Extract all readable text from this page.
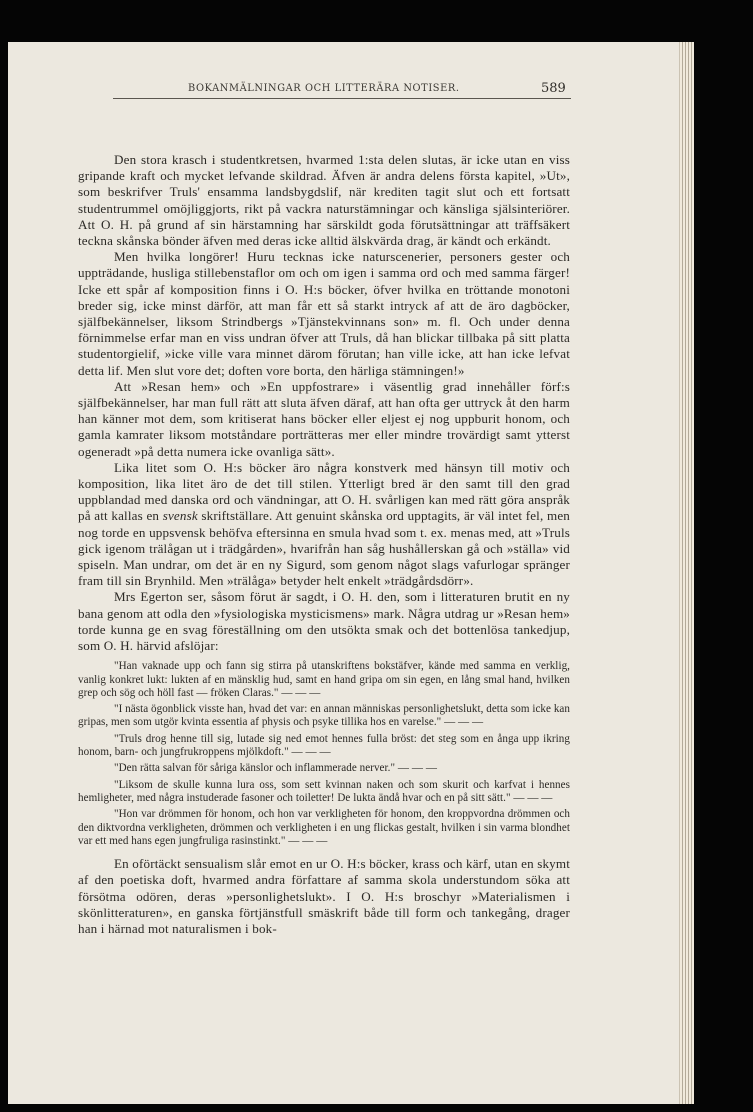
BOKANMÄLNINGAR OCH LITTERÄRA NOTISER.	589

Den stora krasch i studentkretsen, hvarmed 1:sta delen slutas, är icke utan en viss gripande kraft och mycket lefvande skildrad. Äfven är andra delens första kapitel, »Ut», som beskrifver Truls' ensamma landsbygdslif, när krediten tagit slut och ett fortsatt studentrummel omöjliggjorts, rikt på vackra naturstämningar och känsliga själsinteriörer. Att O. H. på grund af sin härstamning har särskildt goda förutsättningar att träffsäkert teckna skånska bönder äfven med deras icke alltid älskvärda drag, är kändt och erkändt.

Men hvilka longörer! Huru tecknas icke naturscenerier, personers gester och uppträdande, husliga stillebenstaflor om och om igen i samma ord och med samma färger! Icke ett spår af komposition finns i O. H:s böcker, öfver hvilka en tröttande monotoni breder sig, icke minst därför, att man får ett så starkt intryck af att de äro dagböcker, själfbekännelser, liksom Strindbergs »Tjänstekvinnans son» m. fl. Och under denna förnimmelse erfar man en viss undran öfver att Truls, då han blickar tillbaka på sitt platta studentorgielif, »icke ville vara minnet därom förutan; han ville icke, att han icke lefvat detta lif. Men slut vore det; doften vore borta, den härliga stämningen!»

Att »Resan hem» och »En uppfostrare» i väsentlig grad innehåller förf:s själfbekännelser, har man full rätt att sluta äfven däraf, att han ofta ger uttryck åt den harm han känner mot dem, som kritiserat hans böcker eller eljest ej nog uppburit honom, och gamla kamrater liksom motståndare porträtteras mer eller mindre trovärdigt samt ytterst ogeneradt »på detta numera icke ovanliga sätt».

Lika litet som O. H:s böcker äro några konstverk med hänsyn till motiv och komposition, lika litet äro de det till stilen. Ytterligt bred är den samt till den grad uppblandad med danska ord och vändningar, att O. H. svårligen kan med rätt göra anspråk på att kallas en svensk skriftställare. Att genuint skånska ord upptagits, är väl intet fel, men nog torde en uppsvensk behöfva eftersinna en smula hvad som t. ex. menas med, att »Truls gick igenom trälågan ut i trädgården», hvarifrån han såg hushållerskan gå och »ställa» vid spiseln. Man undrar, om det är en ny Sigurd, som genom något slags vafurlogar spränger fram till sin Brynhild. Men »trälåga» betyder helt enkelt »trädgårdsdörr».

Mrs Egerton ser, såsom förut är sagdt, i O. H. den, som i litteraturen brutit en ny bana genom att odla den »fysiologiska mysticismens» mark. Några utdrag ur »Resan hem» torde kunna ge en svag föreställning om den utsökta smak och det bottenlösa tankedjup, som O. H. härvid afslöjar:

"Han vaknade upp och fann sig stirra på utanskriftens bokstäfver, kände med samma en verklig, vanlig konkret lukt: lukten af en mänsklig hud, samt en hand gripa om sin egen, en lång smal hand, hvilken grep och sög och höll fast — fröken Claras." — — —

"I nästa ögonblick visste han, hvad det var: en annan människas personlighetslukt, detta som icke kan gripas, men som utgör kvinta essentia af physis och psyke tillika hos en varelse." — — —

"Truls drog henne till sig, lutade sig ned emot hennes fulla bröst: det steg som en ånga upp ikring honom, barn- och jungfrukroppens mjölkdoft." — — —

"Den rätta salvan för såriga känslor och inflammerade nerver." — — —

"Liksom de skulle kunna lura oss, som sett kvinnan naken och som skurit och karfvat i hennes hemligheter, med några instuderade fasoner och toiletter! De lukta ändå hvar och en på sitt sätt." — — —

"Hon var drömmen för honom, och hon var verkligheten för honom, den kroppvordna drömmen och den diktvordna verkligheten, drömmen och verkligheten i en ung flickas gestalt, hvilken i sin varma blondhet var ett med hans egen jungfruliga rasinstinkt." — — —

En oförtäckt sensualism slår emot en ur O. H:s böcker, krass och kärf, utan en skymt af den poetiska doft, hvarmed andra författare af samma skola understundom söka att försötma odören, deras »personlighetslukt». I O. H:s broschyr »Materialismen i skönlitteraturen», en ganska förtjänstfull smäskrift både till form och tankegång, drager han i härnad mot naturalismen i bok-
